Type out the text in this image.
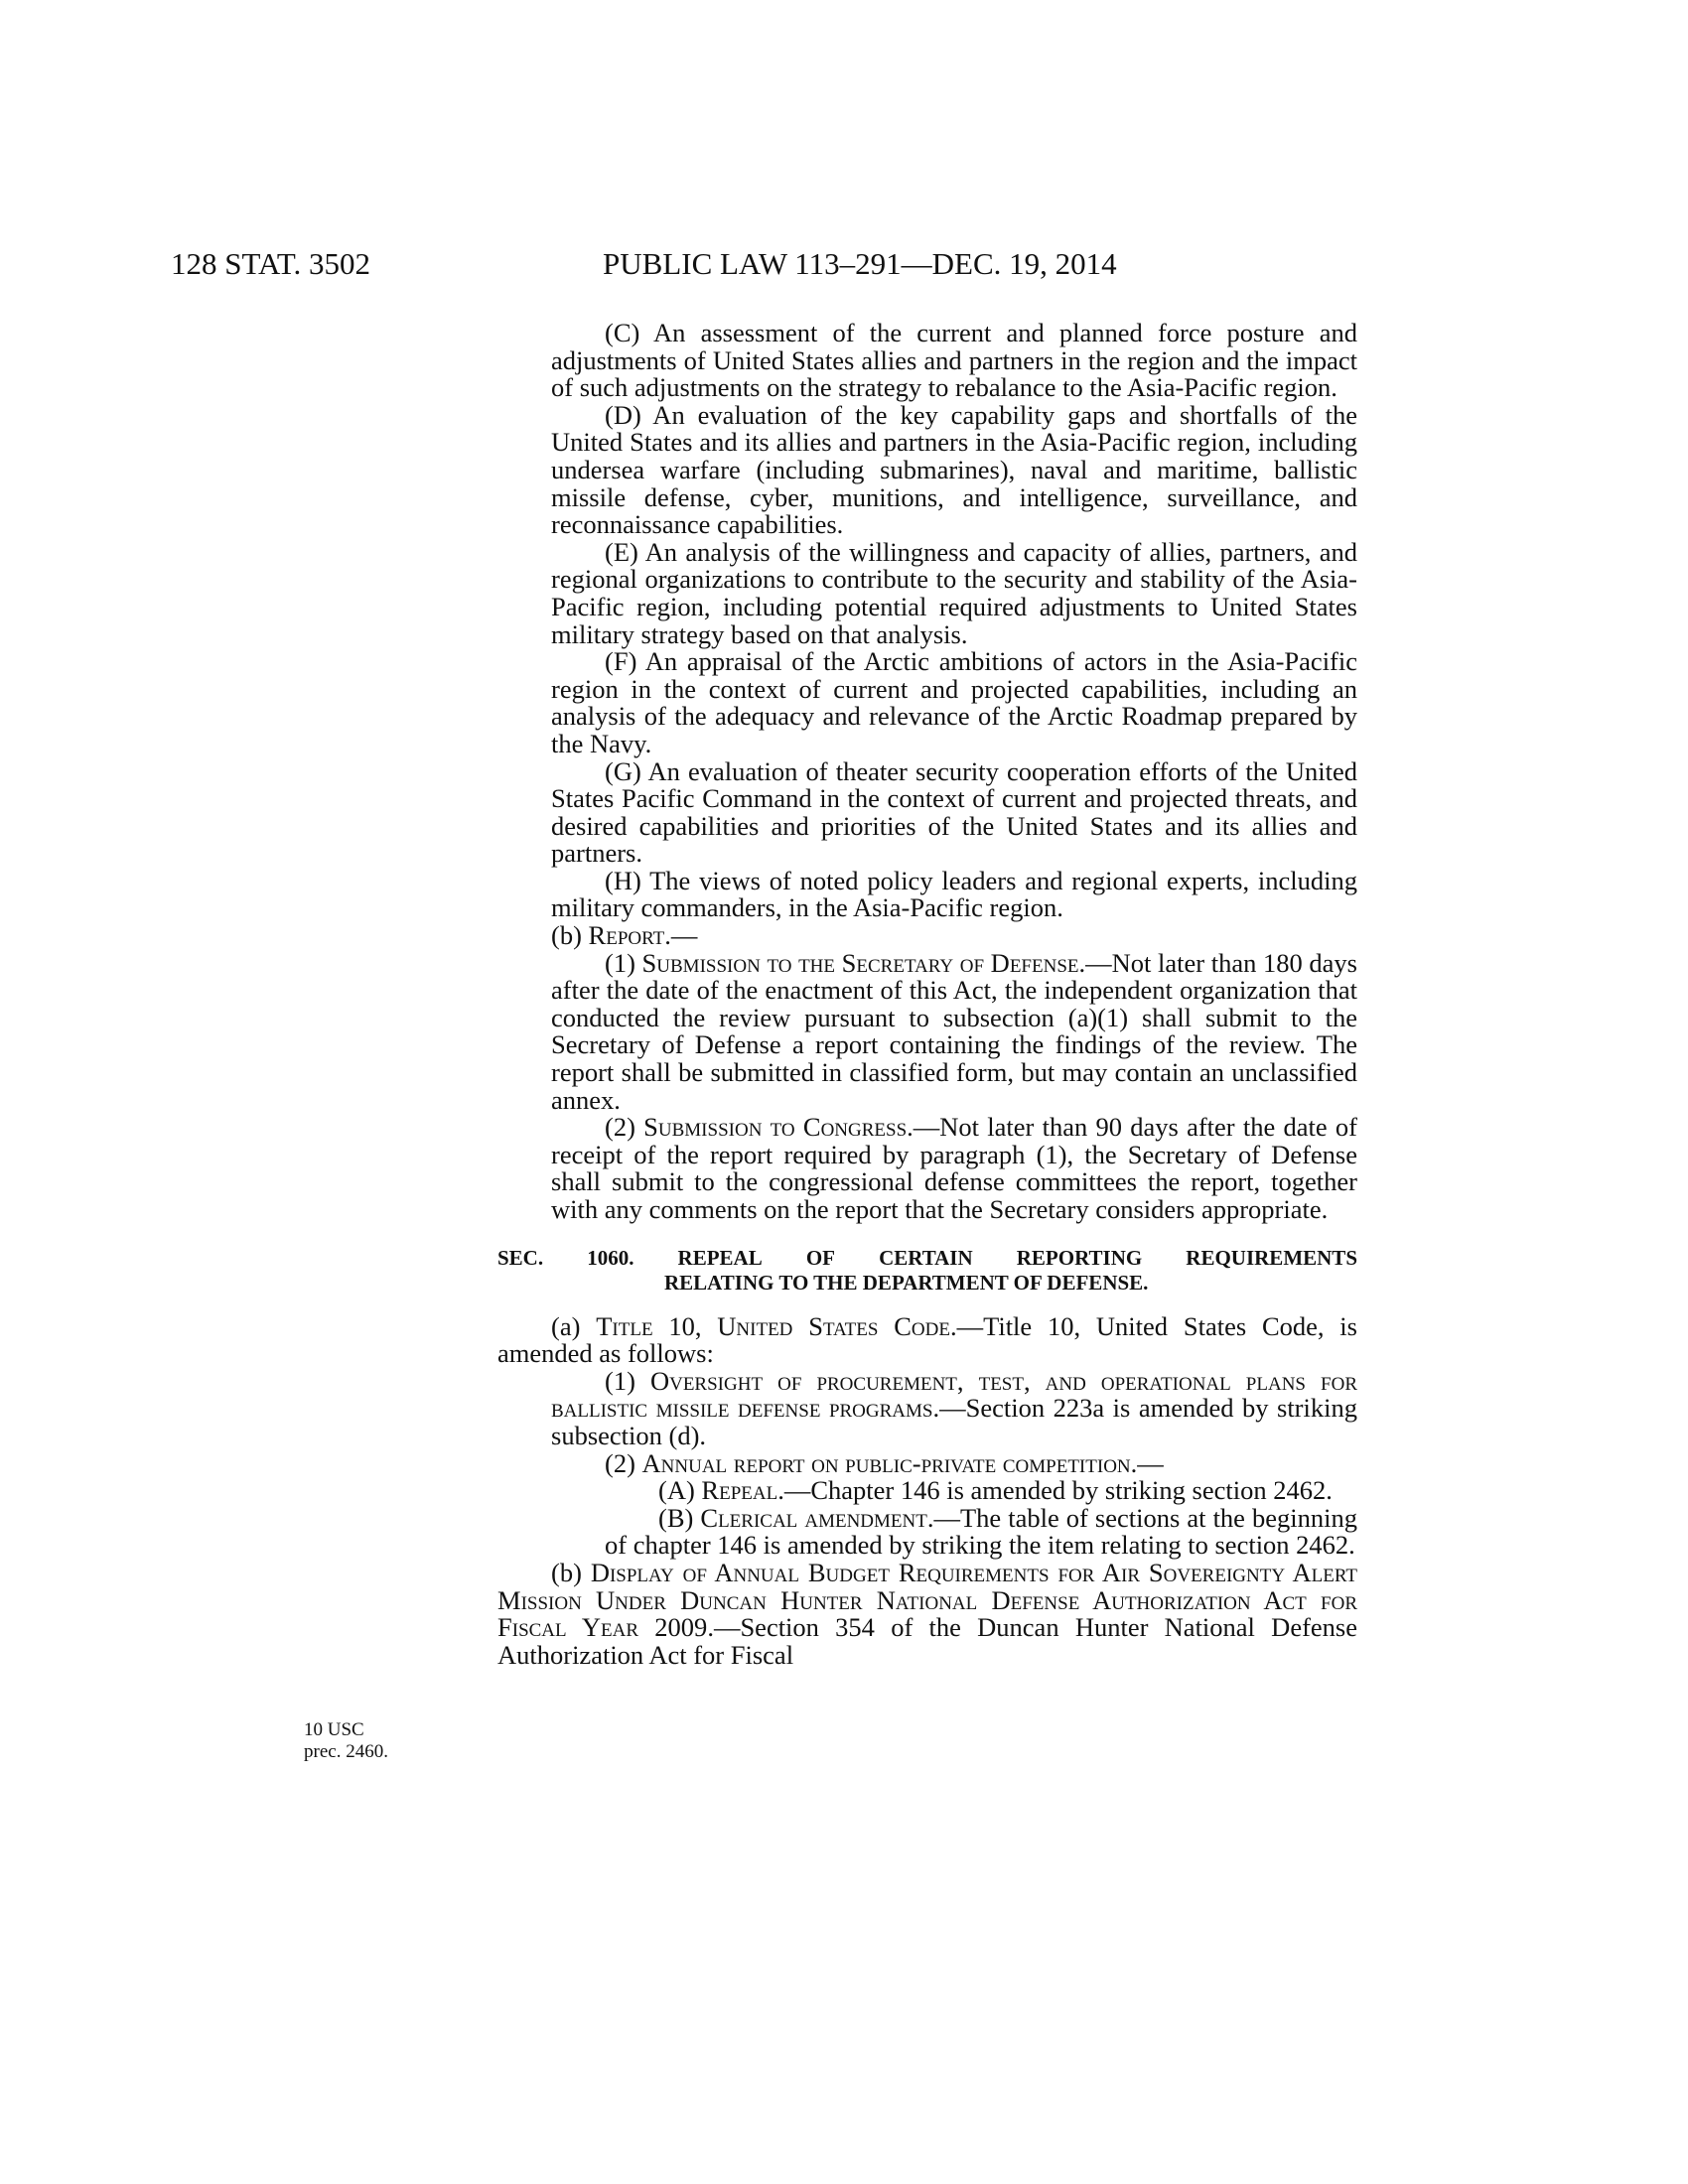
128 STAT. 3502	PUBLIC LAW 113–291—DEC. 19, 2014

(C) An assessment of the current and planned force posture and adjustments of United States allies and partners in the region and the impact of such adjustments on the strategy to rebalance to the Asia-Pacific region.

(D) An evaluation of the key capability gaps and shortfalls of the United States and its allies and partners in the Asia-Pacific region, including undersea warfare (including submarines), naval and maritime, ballistic missile defense, cyber, munitions, and intelligence, surveillance, and reconnaissance capabilities.

(E) An analysis of the willingness and capacity of allies, partners, and regional organizations to contribute to the security and stability of the Asia-Pacific region, including potential required adjustments to United States military strategy based on that analysis.

(F) An appraisal of the Arctic ambitions of actors in the Asia-Pacific region in the context of current and projected capabilities, including an analysis of the adequacy and relevance of the Arctic Roadmap prepared by the Navy.

(G) An evaluation of theater security cooperation efforts of the United States Pacific Command in the context of current and projected threats, and desired capabilities and priorities of the United States and its allies and partners.

(H) The views of noted policy leaders and regional experts, including military commanders, in the Asia-Pacific region.

(b) Report.—

(1) Submission to the Secretary of Defense.—Not later than 180 days after the date of the enactment of this Act, the independent organization that conducted the review pursuant to subsection (a)(1) shall submit to the Secretary of Defense a report containing the findings of the review. The report shall be submitted in classified form, but may contain an unclassified annex.

(2) Submission to Congress.—Not later than 90 days after the date of receipt of the report required by paragraph (1), the Secretary of Defense shall submit to the congressional defense committees the report, together with any comments on the report that the Secretary considers appropriate.

SEC. 1060. REPEAL OF CERTAIN REPORTING REQUIREMENTS
RELATING TO THE DEPARTMENT OF DEFENSE.

(a) Title 10, United States Code.—Title 10, United States Code, is amended as follows:

(1) Oversight of procurement, test, and operational plans for ballistic missile defense programs.—Section 223a is amended by striking subsection (d).

(2) Annual report on public-private competition.—

(A) Repeal.—Chapter 146 is amended by striking section 2462.

(B) Clerical amendment.—The table of sections at the beginning of chapter 146 is amended by striking the item relating to section 2462.

(b) Display of Annual Budget Requirements for Air Sovereignty Alert Mission Under Duncan Hunter National Defense Authorization Act for Fiscal Year 2009.—Section 354 of the Duncan Hunter National Defense Authorization Act for Fiscal

10 USC
prec. 2460.
